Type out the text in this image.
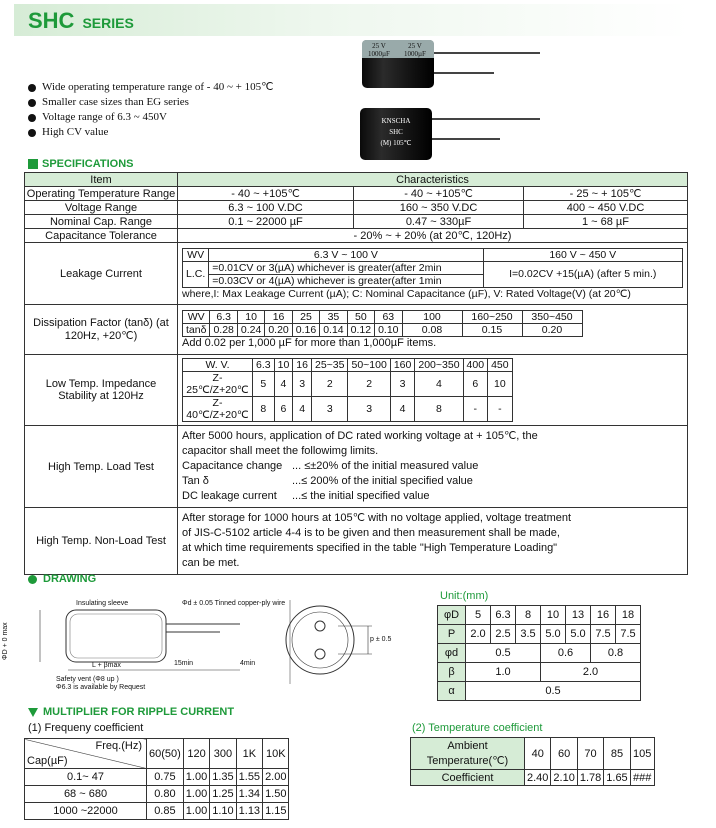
SHC SERIES
25 V
1000µF
25 V
1000µF
KNSCHA
SHC
(M) 105℃
Wide operating temperature range of - 40 ~ + 105℃
Smaller case sizes than EG series
Voltage range of 6.3 ~ 450V
High CV value
SPECIFICATIONS
Item	Characteristics
Operating Temperature Range	- 40 ~ +105℃	- 40 ~ +105℃	- 25 ~ + 105℃
Voltage Range	6.3 ~ 100 V.DC	160 ~ 350 V.DC	400 ~ 450 V.DC
Nominal Cap. Range	0.1 ~ 22000 µF	0.47 ~ 330µF	1 ~ 68 µF
Capacitance Tolerance	- 20% ~ + 20% (at 20℃, 120Hz)
Leakage Current	
WV	6.3 V ~ 100 V	160 V ~ 450 V
L.C.	=0.01CV or 3(µA) whichever is greater(after 2min	I=0.02CV +15(µA) (after 5 min.)
=0.03CV or 4(µA) whichever is greater(after 1min
where,I: Max Leakage Current (µA); C: Nominal Capacitance (µF), V: Rated Voltage(V) (at 20℃)

Dissipation Factor (tanδ) (at
120Hz, +20℃)

WV	6.3	10	16	25	35	50	63	100	160~250	350~450
tanδ	0.28	0.24	0.20	0.16	0.14	0.12	0.10	0.08	0.15	0.20
Add 0.02 per 1,000 µF for more than 1,000µF items.

Low Temp. Impedance
Stability at 120Hz

W. V.	6.3	10	16	25~35	50~100	160	200~350	400	450
Z-25℃/Z+20℃	5	4	3	2	2	3	4	6	10
Z-40℃/Z+20℃	8	6	4	3	3	4	8	-	-

High Temp. Load Test	
After 5000 hours, application of DC rated working voltage at + 105℃, the
capacitor shall meet the followimg limits.
Capacitance change ... ≤±20% of the initial measured value
Tan δ	...≤ 200% of the initial specified value
DC leakage current	...≤ the initial specified value

High Temp. Non-Load Test	
After storage for 1000 hours at 105℃ with no voltage applied, voltage treatment
of JIS-C-5102 article 4-4 is to be given and then measurement shall be made,
at which time requirements specified in the table "High Temperature Loading"
can be met.
DRAWING
Insulating sleeve	Φd ± 0.05 Tinned copper-ply wire
ΦD + 0 max
L + βmax	15min	4min
p ± 0.5
Safety vent (Φ8 up )
Φ6.3 is available by Request
Unit:(mm)
φD	5	6.3	8	10	13	16	18
P	2.0	2.5	3.5	5.0	5.0	7.5	7.5
φd	0.5			0.6		0.8	
β	1.0			2.0			
α	0.5						
MULTIPLIER FOR RIPPLE CURRENT
(1) Frequeny coefficient	(2) Temperature coefficient
Freq.(Hz)
Cap(µF)	60(50)	120	300	1K	10K
0.1~ 47	0.75	1.00	1.35	1.55	2.00
68 ~ 680	0.80	1.00	1.25	1.34	1.50
1000 ~22000	0.85	1.00	1.10	1.13	1.15
Ambient
Temperature(℃)	40	60	70	85	105
Coefficient	2.40	2.10	1.78	1.65	###
